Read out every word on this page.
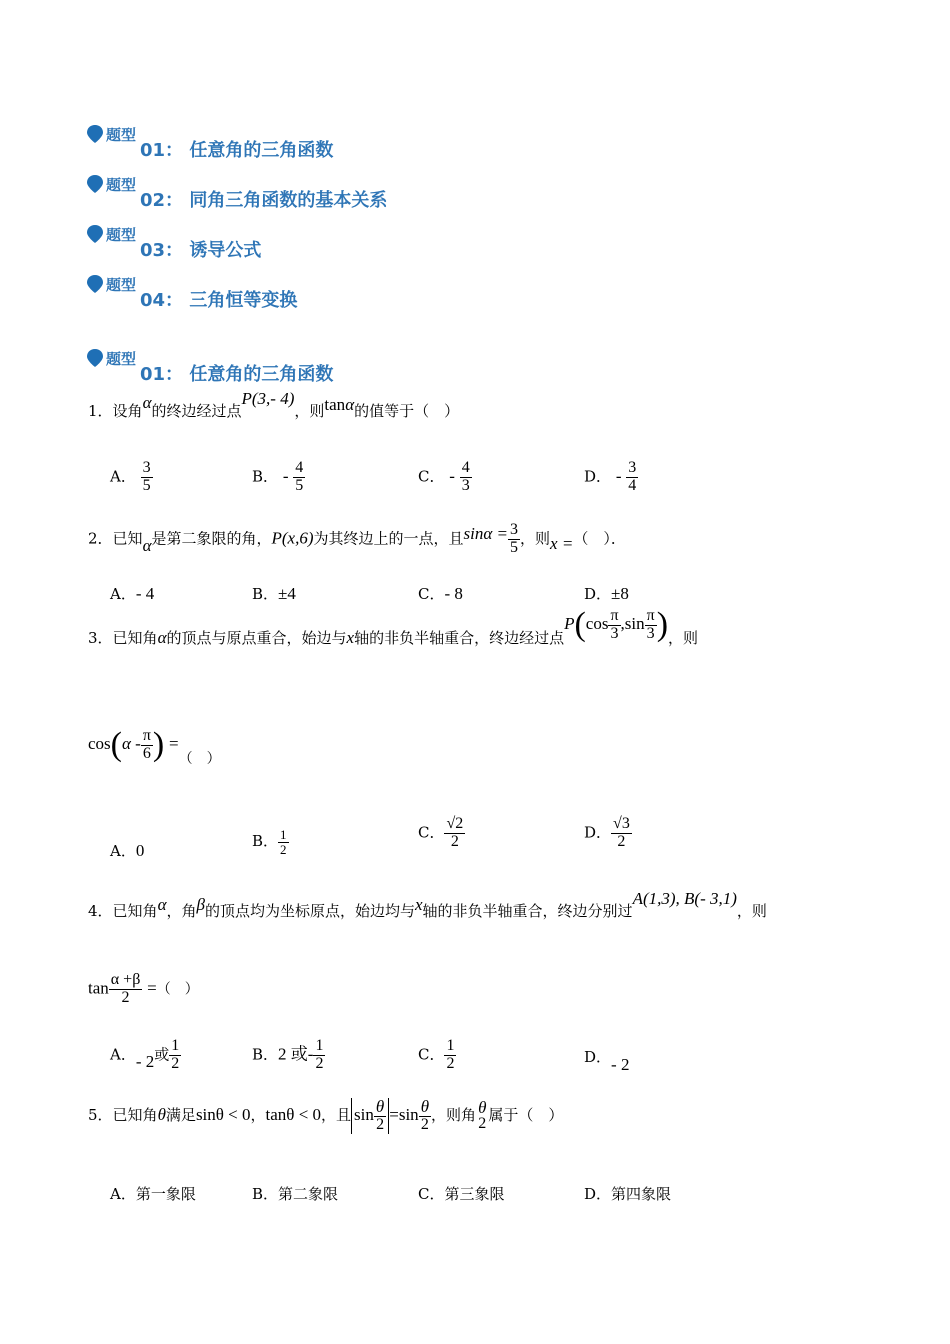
题型
01： 任意角的三角函数
题型
02： 同角三角函数的基本关系
题型
03： 诱导公式
题型
04： 三角恒等变换
题型
01： 任意角的三角函数
1．设角α的终边经过点P(3,- 4)，则tanα的值等于（　）
A． $\frac{3}{5}$	B． - $\frac{4}{5}$	C． - $\frac{4}{3}$	D． - $\frac{3}{4}$
2．已知α是第二象限的角，P(x,6)为其终边上的一点，且$\sin\alpha = \frac{3}{5}$ ，则x =（　）．
A．- 4	B．±4	C．- 8	D．±8
3．已知角α的顶点与原点重合，始边与x轴的非负半轴重合，终边经过点$P(\cos \frac{\pi}{3} ,\sin \frac{\pi}{3}$ )，则
$\cos(\alpha - \frac{\pi}{6}$ ) =（　）
A．0	B． $\frac{1}{2}$	C． $\frac{√2}{2}$	D． $\frac{√3}{2}$
4．已知角α，角β的顶点均为坐标原点，始边均与x轴的非负半轴重合，终边分别过A(1,3), B(- 3,1)，则
$\tan \frac{\alpha +\beta}{2}$ =（　）
A．- 2或 $\frac{1}{2}$	B．2 或- $\frac{1}{2}$	C． $\frac{1}{2}$	D．- 2
5．已知角θ满足sinθ < 0，tanθ < 0，且 $\sin \frac{\theta}{2} =\sin \frac{\theta}{2}$ ，则角 θ
2
属于（　）
A．第一象限	B．第二象限	C．第三象限	D．第四象限
